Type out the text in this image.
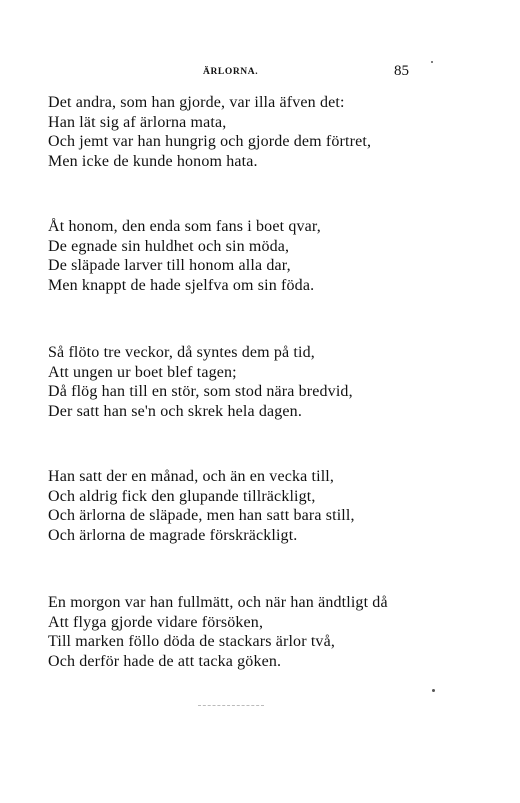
ÄRLORNA.	85
Det andra, som han gjorde, var illa äfven det:
Han lät sig af ärlorna mata,
Och jemt var han hungrig och gjorde dem förtret,
Men icke de kunde honom hata.
Åt honom, den enda som fans i boet qvar,
De egnade sin huldhet och sin möda,
De släpade larver till honom alla dar,
Men knappt de hade sjelfva om sin föda.
Så flöto tre veckor, då syntes dem på tid,
Att ungen ur boet blef tagen;
Då flög han till en stör, som stod nära bredvid,
Der satt han se'n och skrek hela dagen.
Han satt der en månad, och än en vecka till,
Och aldrig fick den glupande tillräckligt,
Och ärlorna de släpade, men han satt bara still,
Och ärlorna de magrade förskräckligt.
En morgon var han fullmätt, och när han ändtligt då
Att flyga gjorde vidare försöken,
Till marken föllo döda de stackars ärlor två,
Och derför hade de att tacka göken.
